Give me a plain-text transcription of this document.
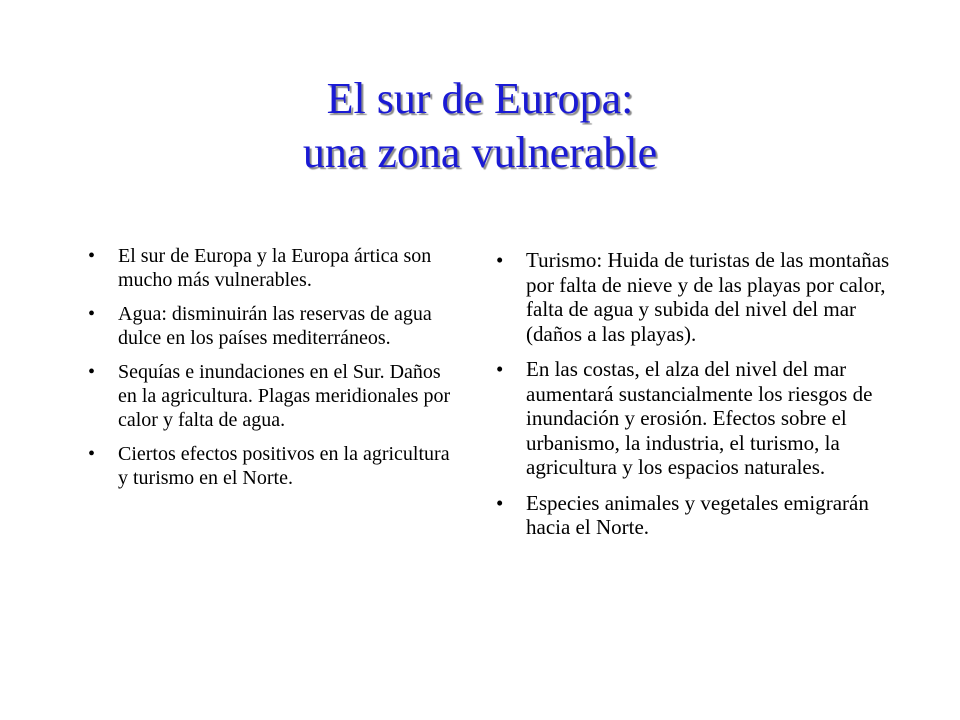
El sur de Europa:
una zona vulnerable
• El sur de Europa y la Europa ártica son mucho más vulnerables.
• Agua: disminuirán las reservas de agua dulce en los países mediterráneos.
• Sequías e inundaciones en el Sur. Daños en la agricultura. Plagas meridionales por calor y falta de agua.
• Ciertos efectos positivos en la agricultura y turismo en el Norte.
• Turismo: Huida de turistas de las montañas por falta de nieve y de las playas por calor, falta de agua y subida del nivel del mar (daños a las playas).
• En las costas, el alza del nivel del mar aumentará sustancialmente los riesgos de inundación y erosión. Efectos sobre el urbanismo, la industria, el turismo, la agricultura y los espacios naturales.
• Especies animales y vegetales emigrarán hacia el Norte.
